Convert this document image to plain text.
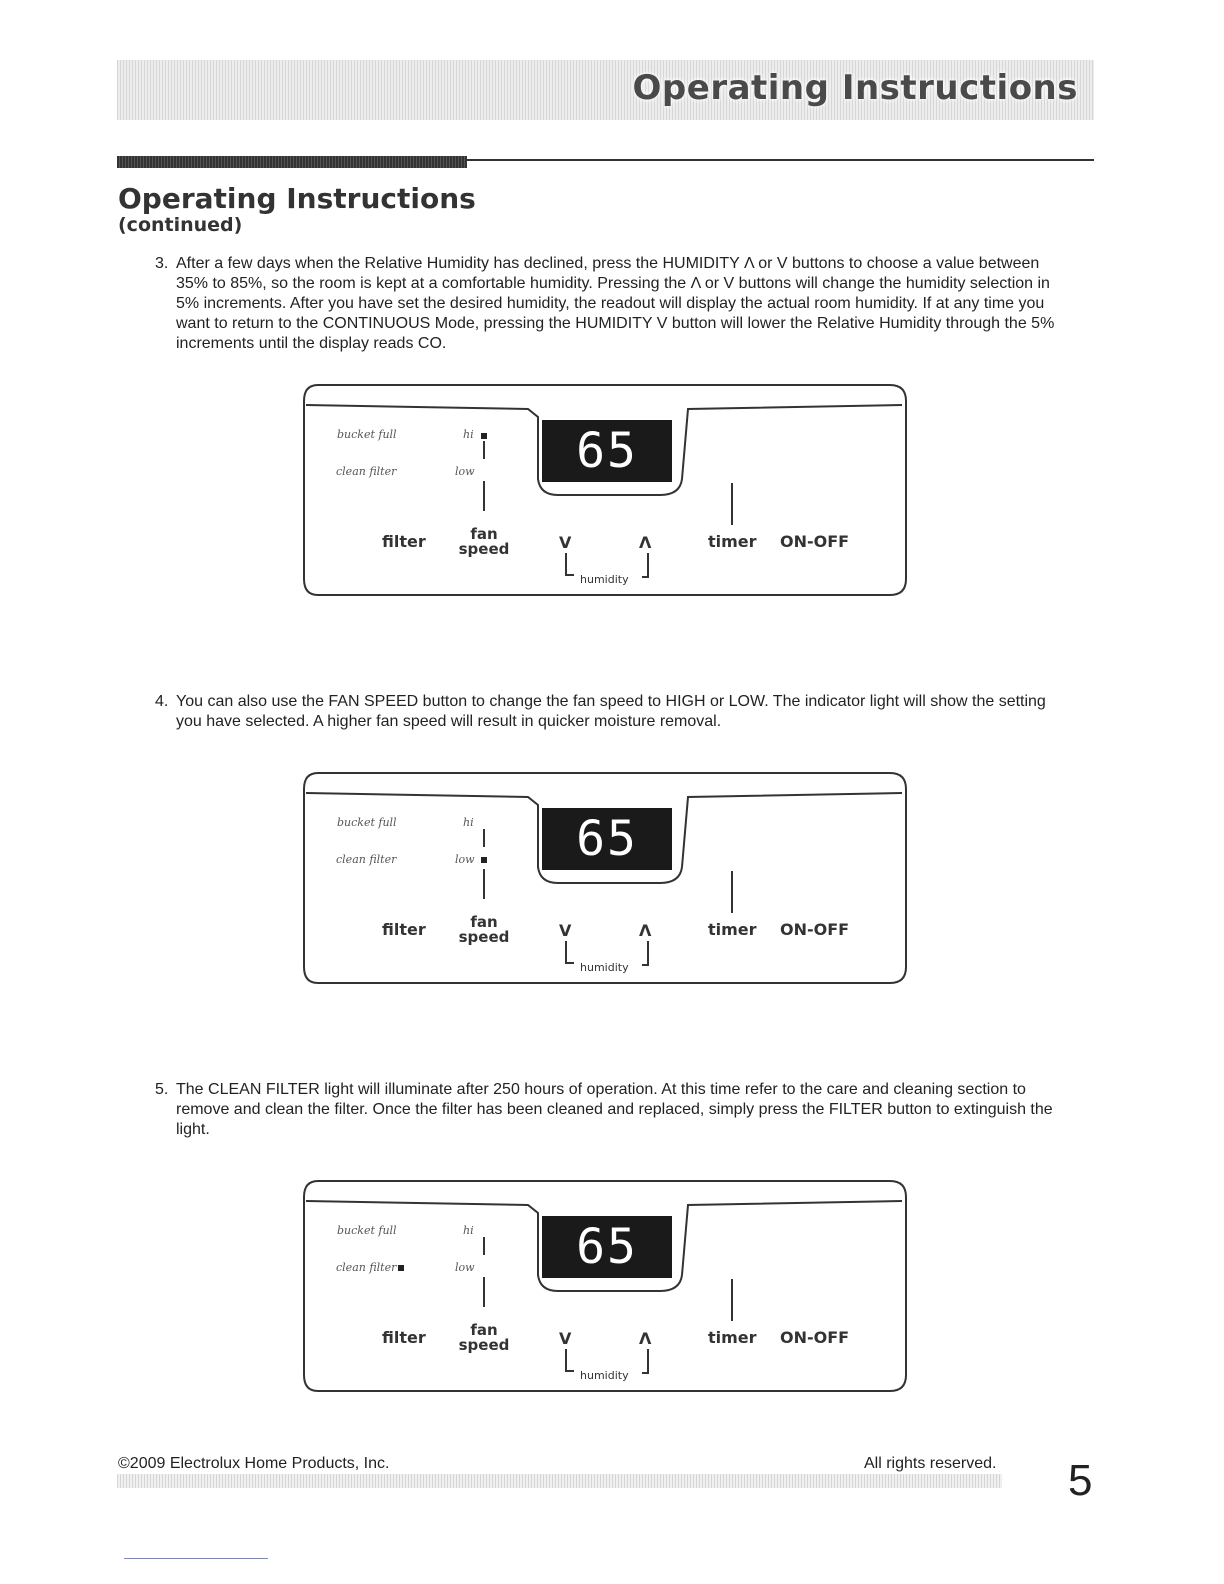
Operating Instructions
Operating Instructions
(continued)
3. After a few days when the Relative Humidity has declined, press the HUMIDITY Λ or V buttons to choose a value between 35% to 85%, so the room is kept at a comfortable humidity. Pressing the Λ or V buttons will change the humidity selection in 5% increments. After you have set the desired humidity, the readout will display the actual room humidity. If at any time you want to return to the CONTINUOUS Mode, pressing the HUMIDITY V button will lower the Relative Humidity through the 5% increments until the display reads CO.
bucket full
clean filter
hi
low	65
filter	fan
speed	V	Λ
humidity
timer ON-OFF
4. You can also use the FAN SPEED button to change the fan speed to HIGH or LOW. The indicator light will show the setting you have selected. A higher fan speed will result in quicker moisture removal.
bucket full
clean filter
hi
low	65
filter	fan
speed	V	Λ
humidity
timer ON-OFF
5. The CLEAN FILTER light will illuminate after 250 hours of operation. At this time refer to the care and cleaning section to remove and clean the filter. Once the filter has been cleaned and replaced, simply press the FILTER button to extinguish the light.
bucket full
clean filter
hi
low	65
filter	fan
speed	V	Λ
humidity
timer ON-OFF
©2009 Electrolux Home Products, Inc.	All rights reserved. 5
